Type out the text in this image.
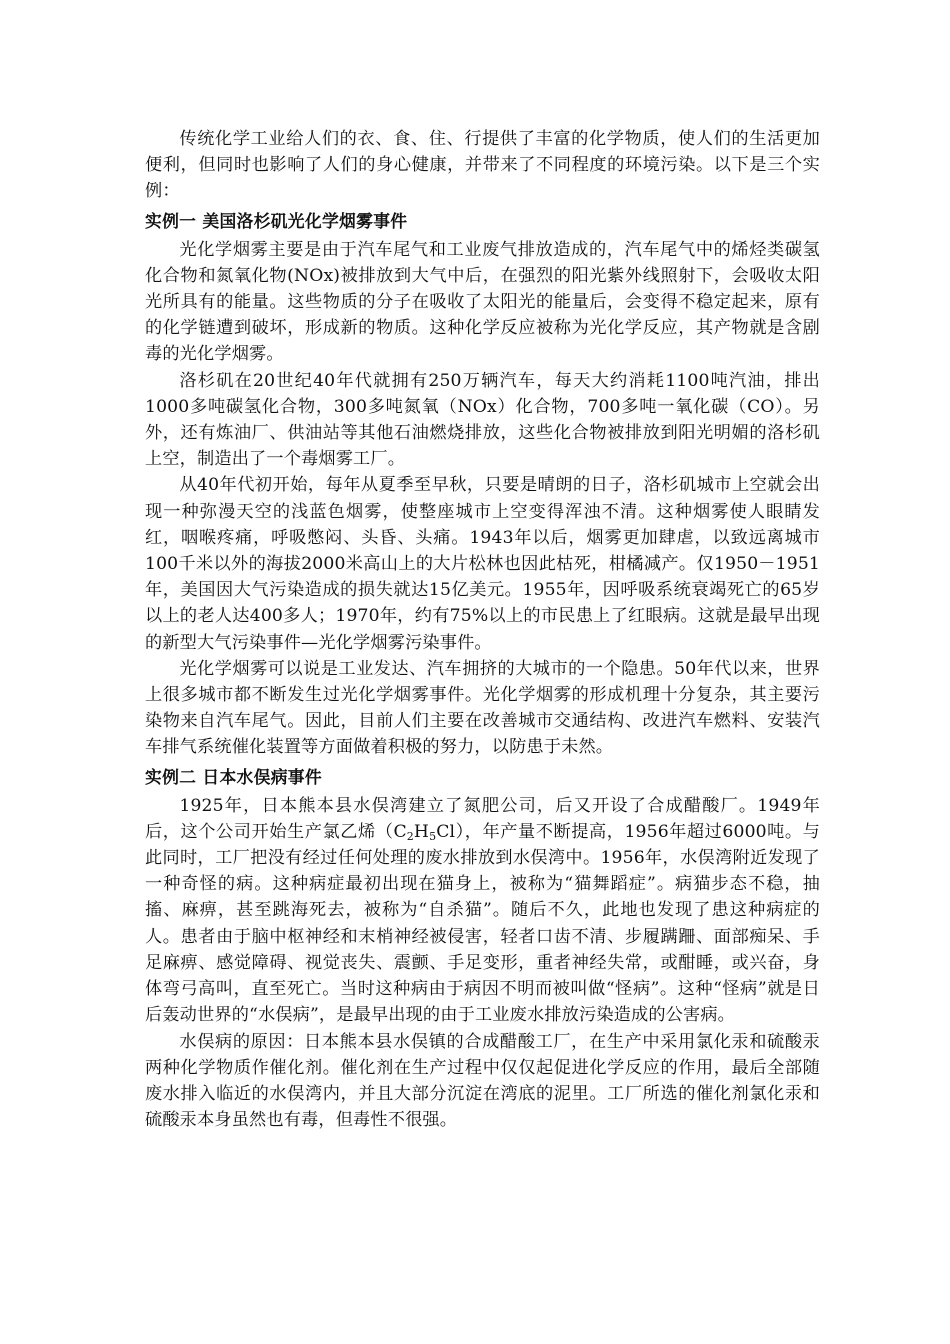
传统化学工业给人们的衣、食、住、行提供了丰富的化学物质，使人们的生活更加便利，但同时也影响了人们的身心健康，并带来了不同程度的环境污染。以下是三个实例：

实例一 美国洛杉矶光化学烟雾事件

光化学烟雾主要是由于汽车尾气和工业废气排放造成的，汽车尾气中的烯烃类碳氢化合物和氮氧化物(NOx)被排放到大气中后，在强烈的阳光紫外线照射下，会吸收太阳光所具有的能量。这些物质的分子在吸收了太阳光的能量后，会变得不稳定起来，原有的化学链遭到破坏，形成新的物质。这种化学反应被称为光化学反应，其产物就是含剧毒的光化学烟雾。

洛杉矶在20世纪40年代就拥有250万辆汽车，每天大约消耗1100吨汽油，排出1000多吨碳氢化合物，300多吨氮氧（NOx）化合物，700多吨一氧化碳（CO）。另外，还有炼油厂、供油站等其他石油燃烧排放，这些化合物被排放到阳光明媚的洛杉矶上空，制造出了一个毒烟雾工厂。

从40年代初开始，每年从夏季至早秋，只要是晴朗的日子，洛杉矶城市上空就会出现一种弥漫天空的浅蓝色烟雾，使整座城市上空变得浑浊不清。这种烟雾使人眼睛发红，咽喉疼痛，呼吸憋闷、头昏、头痛。1943年以后，烟雾更加肆虐，以致远离城市100千米以外的海拔2000米高山上的大片松林也因此枯死，柑橘减产。仅1950－1951年，美国因大气污染造成的损失就达15亿美元。1955年，因呼吸系统衰竭死亡的65岁以上的老人达400多人；1970年，约有75%以上的市民患上了红眼病。这就是最早出现的新型大气污染事件—光化学烟雾污染事件。

光化学烟雾可以说是工业发达、汽车拥挤的大城市的一个隐患。50年代以来，世界上很多城市都不断发生过光化学烟雾事件。光化学烟雾的形成机理十分复杂，其主要污染物来自汽车尾气。因此，目前人们主要在改善城市交通结构、改进汽车燃料、安装汽车排气系统催化装置等方面做着积极的努力，以防患于未然。

实例二 日本水俣病事件

1925年，日本熊本县水俣湾建立了氮肥公司，后又开设了合成醋酸厂。1949年后，这个公司开始生产氯乙烯$(C_2H_5Cl)$，年产量不断提高，1956年超过6000吨。与此同时，工厂把没有经过任何处理的废水排放到水俣湾中。1956年，水俣湾附近发现了一种奇怪的病。这种病症最初出现在猫身上，被称为“猫舞蹈症”。病猫步态不稳，抽搐、麻痹，甚至跳海死去，被称为“自杀猫”。随后不久，此地也发现了患这种病症的人。患者由于脑中枢神经和末梢神经被侵害，轻者口齿不清、步履蹒跚、面部痴呆、手足麻痹、感觉障碍、视觉丧失、震颤、手足变形，重者神经失常，或酣睡，或兴奋，身体弯弓高叫，直至死亡。当时这种病由于病因不明而被叫做“怪病”。这种“怪病”就是日后轰动世界的“水俣病”，是最早出现的由于工业废水排放污染造成的公害病。

水俣病的原因：日本熊本县水俣镇的合成醋酸工厂，在生产中采用氯化汞和硫酸汞两种化学物质作催化剂。催化剂在生产过程中仅仅起促进化学反应的作用，最后全部随废水排入临近的水俣湾内，并且大部分沉淀在湾底的泥里。工厂所选的催化剂氯化汞和硫酸汞本身虽然也有毒，但毒性不很强。
